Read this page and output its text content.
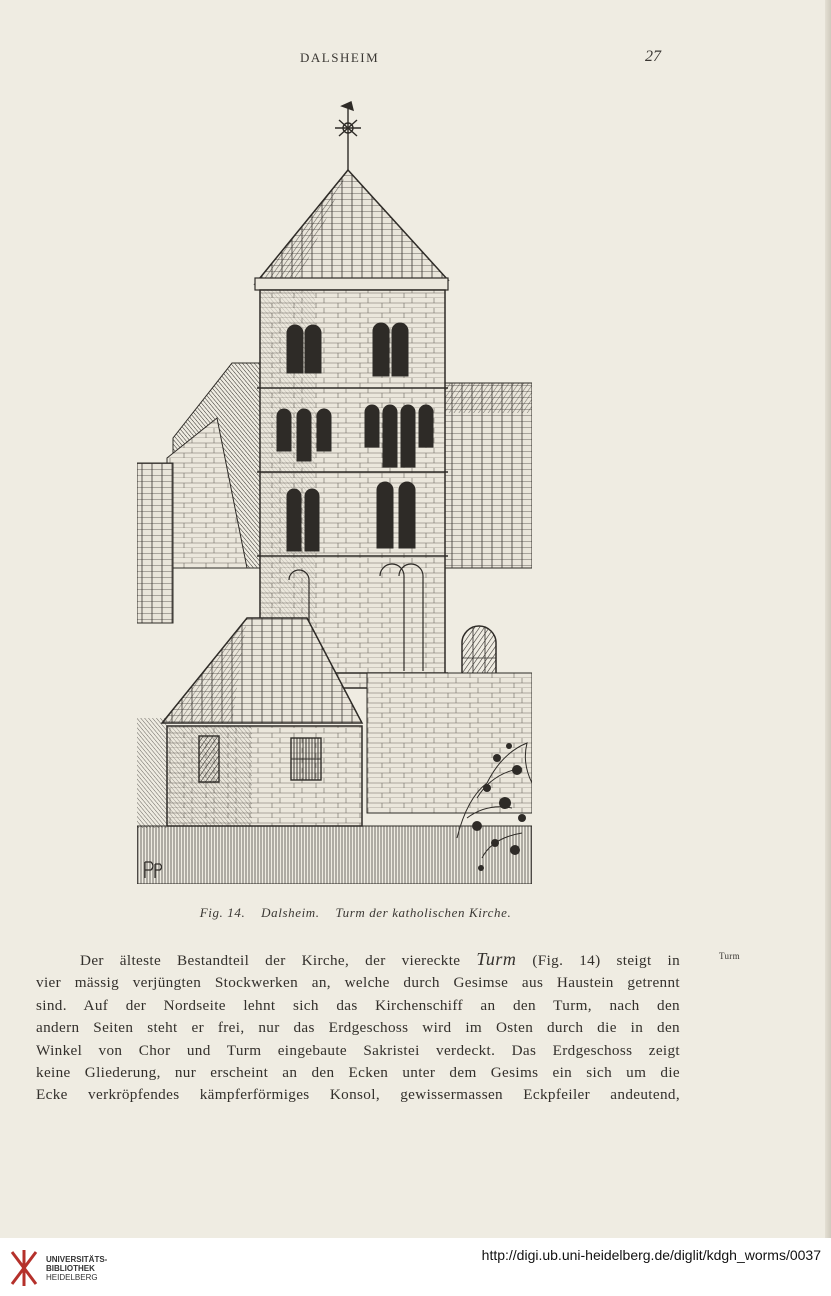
DALSHEIM	27
Fig. 14. Dalsheim. Turm der katholischen Kirche.
Der älteste Bestandteil der Kirche, der viereckte Turm (Fig. 14) steigt in
vier mässig verjüngten Stockwerken an, welche durch Gesimse aus Haustein getrennt
sind. Auf der Nordseite lehnt sich das Kirchenschiff an den Turm, nach den
andern Seiten steht er frei, nur das Erdgeschoss wird im Osten durch die in den
Winkel von Chor und Turm eingebaute Sakristei verdeckt. Das Erdgeschoss zeigt
keine Gliederung, nur erscheint an den Ecken unter dem Gesims ein sich um die
Ecke verkröpfendes kämpferförmiges Konsol, gewissermassen Eckpfeiler andeutend,
Turm
UNIVERSITÄTS-
BIBLIOTHEK
HEIDELBERG
http://digi.ub.uni-heidelberg.de/diglit/kdgh_worms/0037
